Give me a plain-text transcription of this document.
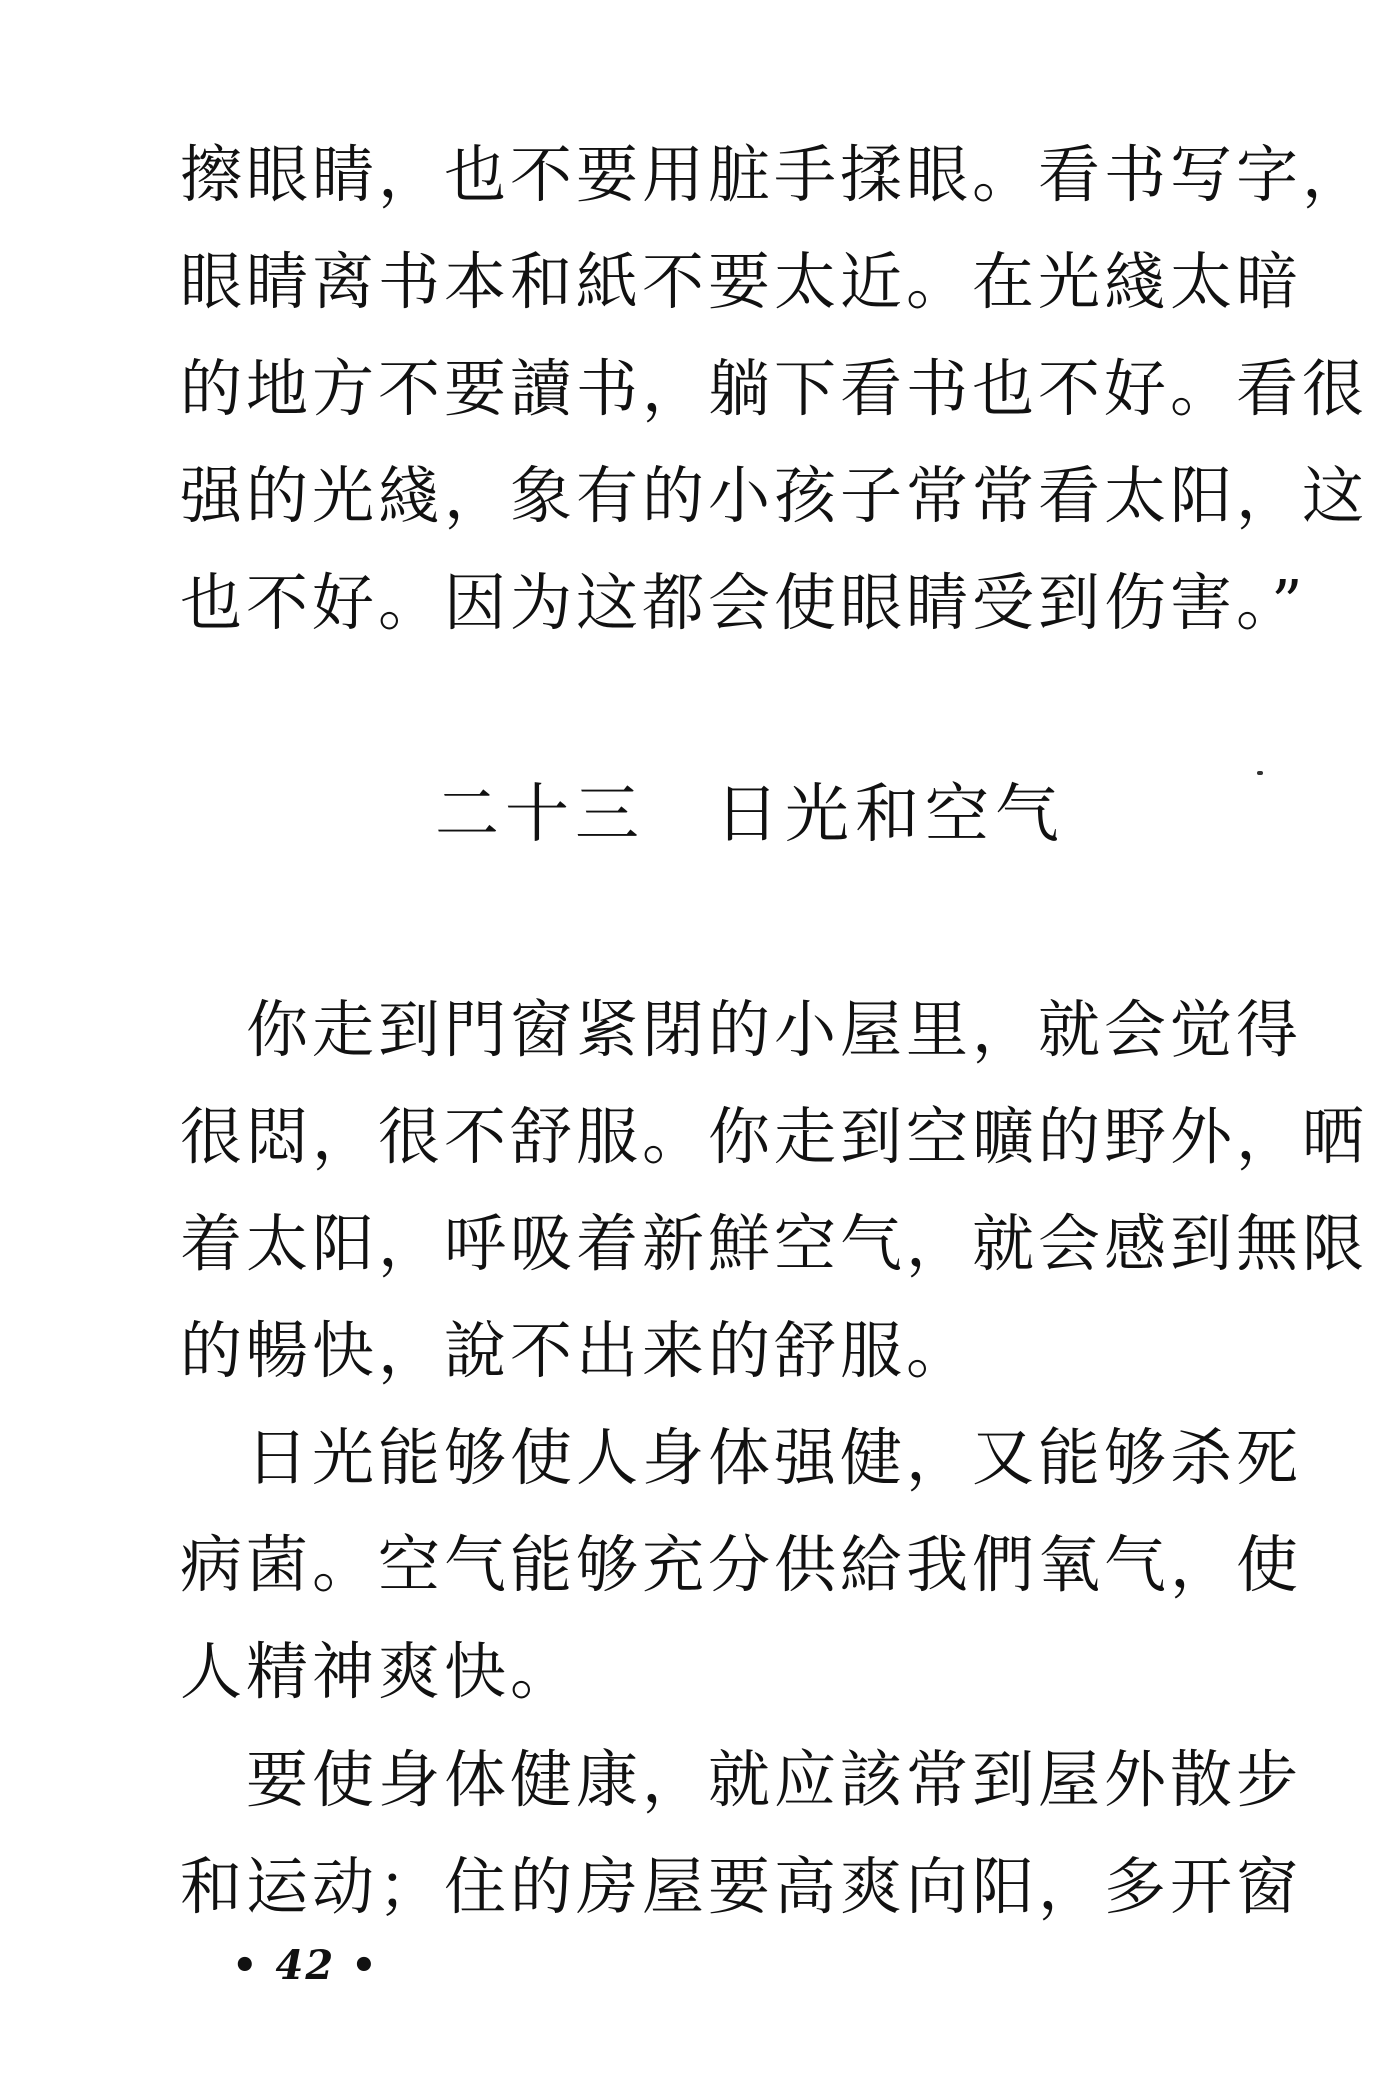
擦眼睛，也不要用脏手揉眼。看书写字，
眼睛离书本和紙不要太近。在光綫太暗
的地方不要讀书，躺下看书也不好。看很
强的光綫，象有的小孩子常常看太阳，这
也不好。因为这都会使眼睛受到伤害。”
二十三　日光和空气
　你走到門窗紧閉的小屋里，就会觉得
很悶，很不舒服。你走到空曠的野外，晒
着太阳，呼吸着新鮮空气，就会感到無限
的暢快，說不出来的舒服。
　日光能够使人身体强健，又能够杀死
病菌。空气能够充分供給我們氧气，使
人精神爽快。
　要使身体健康，就应該常到屋外散步
和运动；住的房屋要高爽向阳，多开窗
• 42 •
